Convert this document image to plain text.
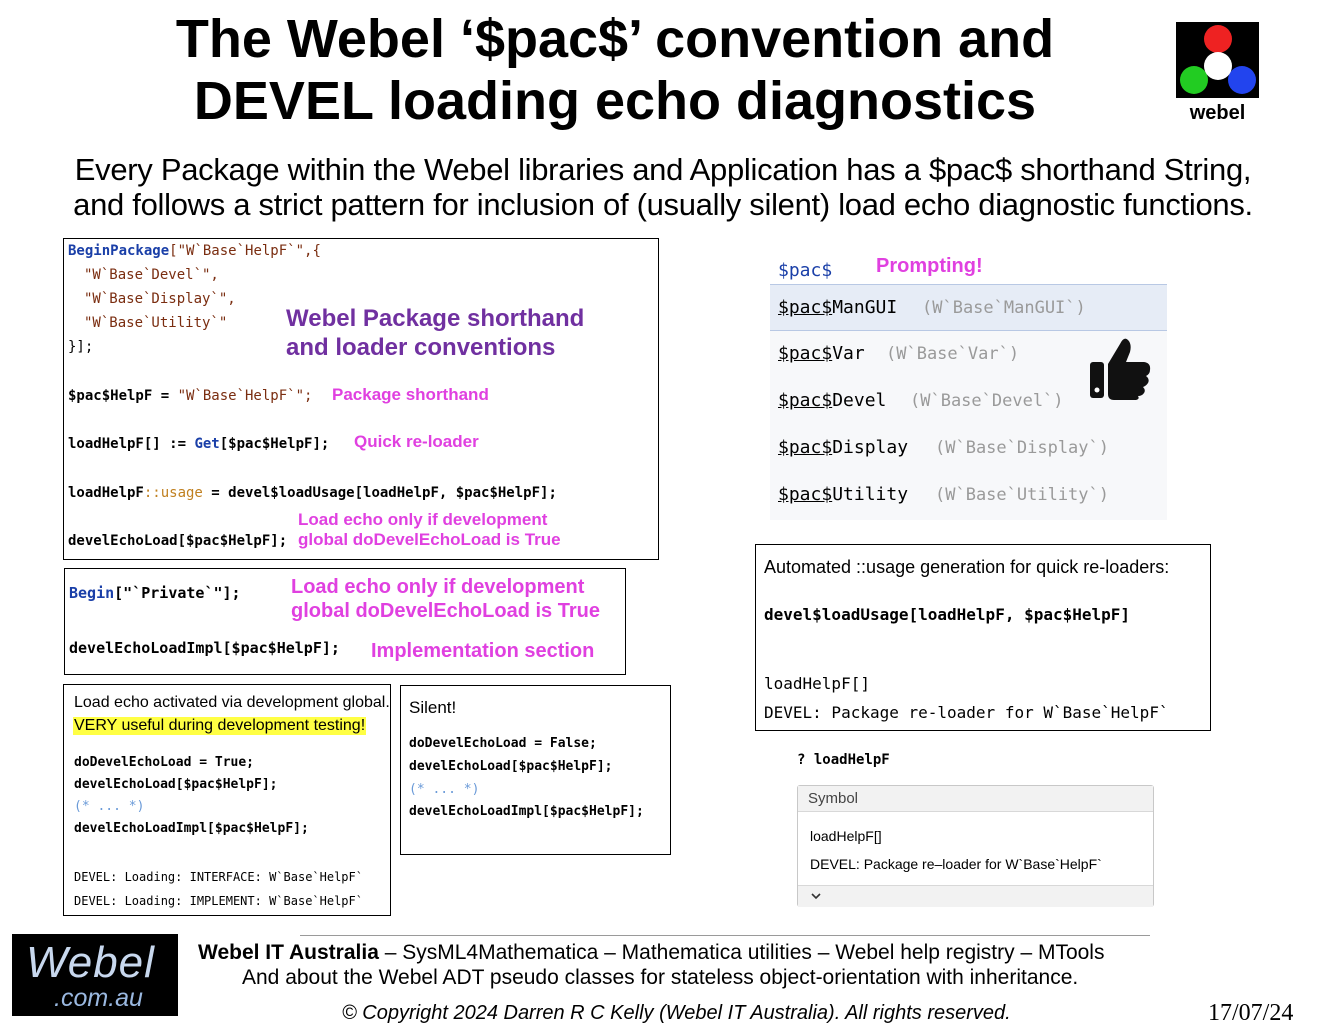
The Webel ‘$pac$’ convention and
DEVEL loading echo diagnostics	webel
Every Package within the Webel libraries and Application has a $pac$ shorthand String,
and follows a strict pattern for inclusion of (usually silent) load echo diagnostic functions.
BeginPackage["W`Base`HelpF`",{
"W`Base`Devel`",
"W`Base`Display`",
"W`Base`Utility`"
}];
Webel Package shorthand
and loader conventions
$pac$HelpF = "W`Base`HelpF`"; Package shorthand
loadHelpF[] := Get[$pac$HelpF]; Quick re-loader
loadHelpF::usage = devel$loadUsage[loadHelpF, $pac$HelpF];
Load echo only if development
global doDevelEchoLoad is True
develEchoLoad[$pac$HelpF];
Begin["`Private`"];	Load echo only if development
global doDevelEchoLoad is True
develEchoLoadImpl[$pac$HelpF]; Implementation section
Load echo activated via development global.
VERY useful during development testing!
doDevelEchoLoad = True;
develEchoLoad[$pac$HelpF];
(* ... *)
develEchoLoadImpl[$pac$HelpF];
DEVEL: Loading: INTERFACE: W`Base`HelpF`
DEVEL: Loading: IMPLEMENT: W`Base`HelpF`
Silent!
doDevelEchoLoad = False;
develEchoLoad[$pac$HelpF];
(* ... *)
develEchoLoadImpl[$pac$HelpF];
$pac$ Prompting!
$pac$ManGUI (W`Base`ManGUI`)
$pac$Var (W`Base`Var`)
$pac$Devel (W`Base`Devel`)
$pac$Display (W`Base`Display`)
$pac$Utility (W`Base`Utility`)
Automated ::usage generation for quick re-loaders:
devel$loadUsage[loadHelpF, $pac$HelpF]
loadHelpF[]
DEVEL: Package re-loader for W`Base`HelpF`
? loadHelpF
Symbol
loadHelpF[]
DEVEL: Package re–loader for W`Base`HelpF`
Webel
.com.au
Webel IT Australia – SysML4Mathematica – Mathematica utilities – Webel help registry – MTools
And about the Webel ADT pseudo classes for stateless object-orientation with inheritance.
© Copyright 2024 Darren R C Kelly (Webel IT Australia). All rights reserved.	17/07/24
